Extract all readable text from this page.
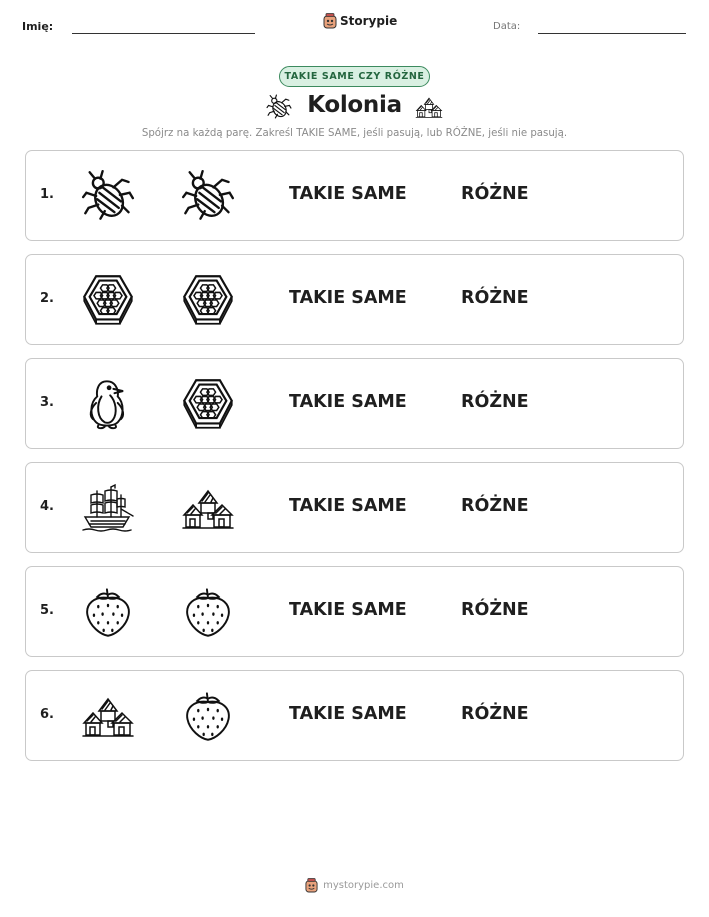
Imię:	Storypie	Data:
TAKIE SAME CZY RÓŻNE
Kolonia
Spójrz na każdą parę. Zakreśl TAKIE SAME, jeśli pasują, lub RÓŻNE, jeśli nie pasują.
1.	TAKIE SAME	RÓŻNE
2.	TAKIE SAME	RÓŻNE
3.	TAKIE SAME	RÓŻNE
4.	TAKIE SAME	RÓŻNE
5.	TAKIE SAME	RÓŻNE
6.	TAKIE SAME	RÓŻNE
mystorypie.com
